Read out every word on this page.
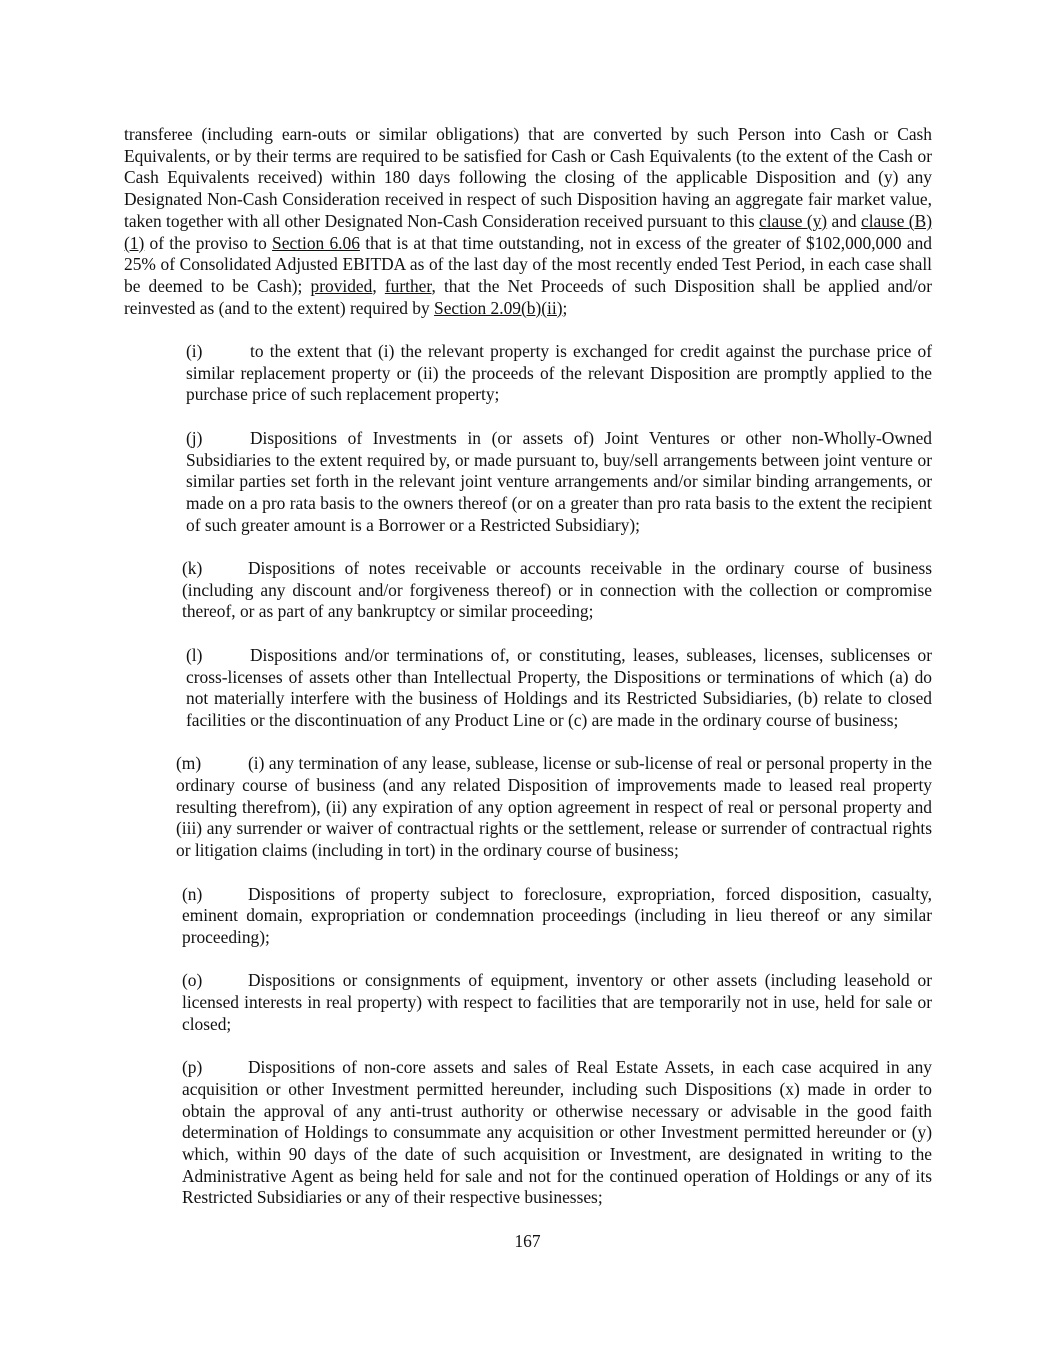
transferee (including earn-outs or similar obligations) that are converted by such Person into Cash or Cash Equivalents, or by their terms are required to be satisfied for Cash or Cash Equivalents (to the extent of the Cash or Cash Equivalents received) within 180 days following the closing of the applicable Disposition and (y) any Designated Non-Cash Consideration received in respect of such Disposition having an aggregate fair market value, taken together with all other Designated Non-Cash Consideration received pursuant to this clause (y) and clause (B)(1) of the proviso to Section 6.06 that is at that time outstanding, not in excess of the greater of $102,000,000 and 25% of Consolidated Adjusted EBITDA as of the last day of the most recently ended Test Period, in each case shall be deemed to be Cash); provided, further, that the Net Proceeds of such Disposition shall be applied and/or reinvested as (and to the extent) required by Section 2.09(b)(ii);

(i)	to the extent that (i) the relevant property is exchanged for credit against the purchase price of similar replacement property or (ii) the proceeds of the relevant Disposition are promptly applied to the purchase price of such replacement property;

(j)	Dispositions of Investments in (or assets of) Joint Ventures or other non-Wholly-Owned Subsidiaries to the extent required by, or made pursuant to, buy/sell arrangements between joint venture or similar parties set forth in the relevant joint venture arrangements and/or similar binding arrangements, or made on a pro rata basis to the owners thereof (or on a greater than pro rata basis to the extent the recipient of such greater amount is a Borrower or a Restricted Subsidiary);

(k)	Dispositions of notes receivable or accounts receivable in the ordinary course of business (including any discount and/or forgiveness thereof) or in connection with the collection or compromise thereof, or as part of any bankruptcy or similar proceeding;

(l)	Dispositions and/or terminations of, or constituting, leases, subleases, licenses, sublicenses or cross-licenses of assets other than Intellectual Property, the Dispositions or terminations of which (a) do not materially interfere with the business of Holdings and its Restricted Subsidiaries, (b) relate to closed facilities or the discontinuation of any Product Line or (c) are made in the ordinary course of business;

(m)	(i) any termination of any lease, sublease, license or sub-license of real or personal property in the ordinary course of business (and any related Disposition of improvements made to leased real property resulting therefrom), (ii) any expiration of any option agreement in respect of real or personal property and (iii) any surrender or waiver of contractual rights or the settlement, release or surrender of contractual rights or litigation claims (including in tort) in the ordinary course of business;

(n)	Dispositions of property subject to foreclosure, expropriation, forced disposition, casualty, eminent domain, expropriation or condemnation proceedings (including in lieu thereof or any similar proceeding);

(o)	Dispositions or consignments of equipment, inventory or other assets (including leasehold or licensed interests in real property) with respect to facilities that are temporarily not in use, held for sale or closed;

(p)	Dispositions of non-core assets and sales of Real Estate Assets, in each case acquired in any acquisition or other Investment permitted hereunder, including such Dispositions (x) made in order to obtain the approval of any anti-trust authority or otherwise necessary or advisable in the good faith determination of Holdings to consummate any acquisition or other Investment permitted hereunder or (y) which, within 90 days of the date of such acquisition or Investment, are designated in writing to the Administrative Agent as being held for sale and not for the continued operation of Holdings or any of its Restricted Subsidiaries or any of their respective businesses;

167
